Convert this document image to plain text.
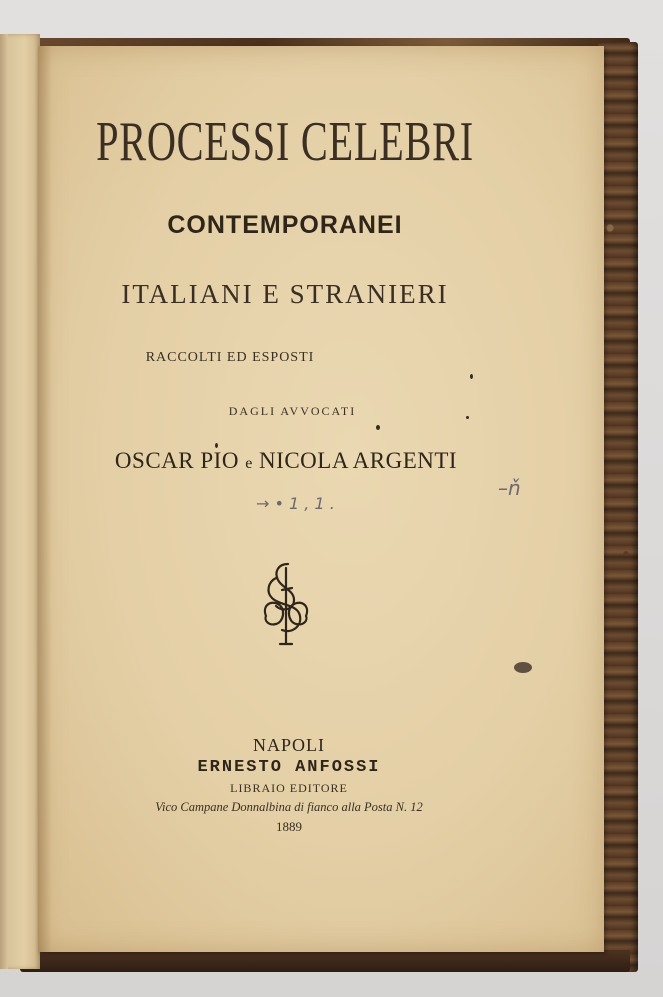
PROCESSI CELEBRI
CONTEMPORANEI
ITALIANI E STRANIERI
RACCOLTI ED ESPOSTI
DAGLI AVVOCATI
OSCAR PIO e NICOLA ARGENTI
→ • 1 , 1 .
–ň
NAPOLI
ERNESTO ANFOSSI
LIBRAIO EDITORE
Vico Campane Donnalbina di fianco alla Posta N. 12
1889
